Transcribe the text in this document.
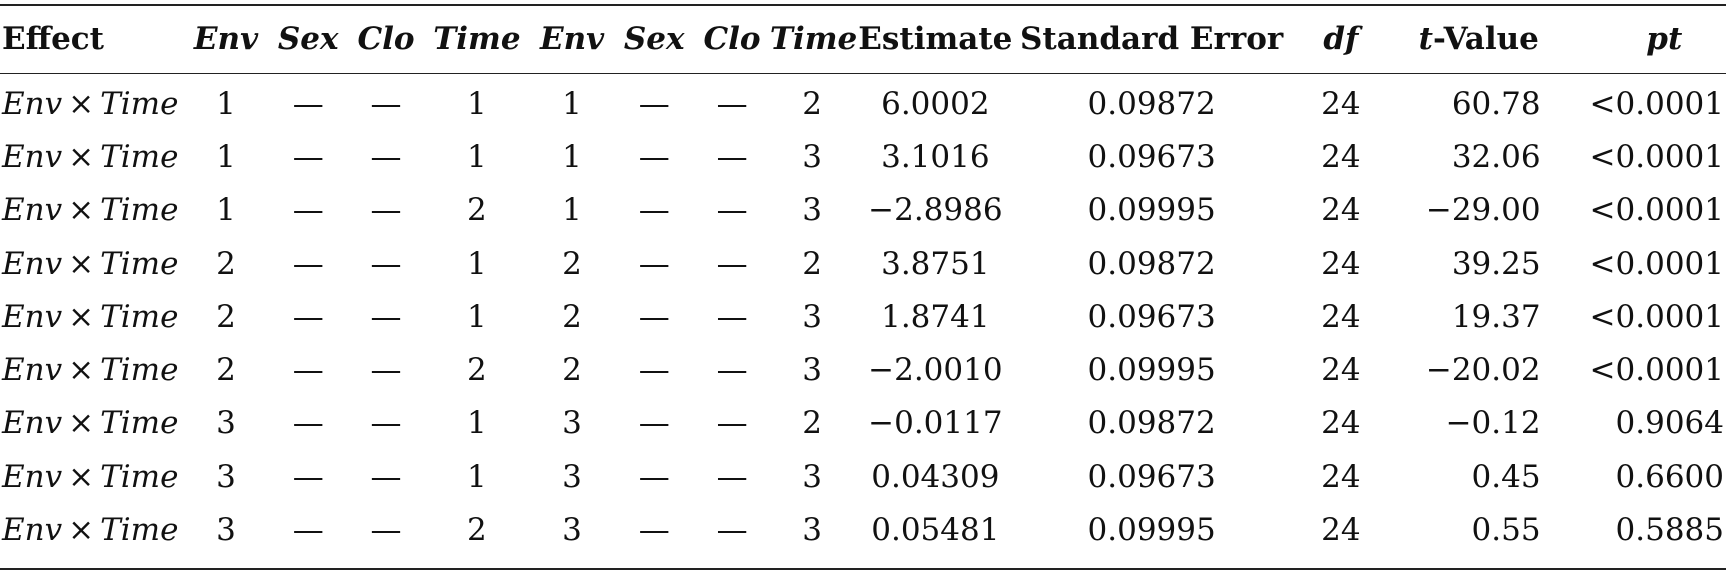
Effect	Env	Sex	Clo	Time	Env	Sex	Clo	Time	Estimate	Standard Error	df	t-Value	pt
Env × Time	1	—	—	1	1	—	—	2	6.0002	0.09872	24	60.78	<0.0001
Env × Time	1	—	—	1	1	—	—	3	3.1016	0.09673	24	32.06	<0.0001
Env × Time	1	—	—	2	1	—	—	3	−2.8986	0.09995	24	−29.00	<0.0001
Env × Time	2	—	—	1	2	—	—	2	3.8751	0.09872	24	39.25	<0.0001
Env × Time	2	—	—	1	2	—	—	3	1.8741	0.09673	24	19.37	<0.0001
Env × Time	2	—	—	2	2	—	—	3	−2.0010	0.09995	24	−20.02	<0.0001
Env × Time	3	—	—	1	3	—	—	2	−0.0117	0.09872	24	−0.12	0.9064
Env × Time	3	—	—	1	3	—	—	3	0.04309	0.09673	24	0.45	0.6600
Env × Time	3	—	—	2	3	—	—	3	0.05481	0.09995	24	0.55	0.5885
